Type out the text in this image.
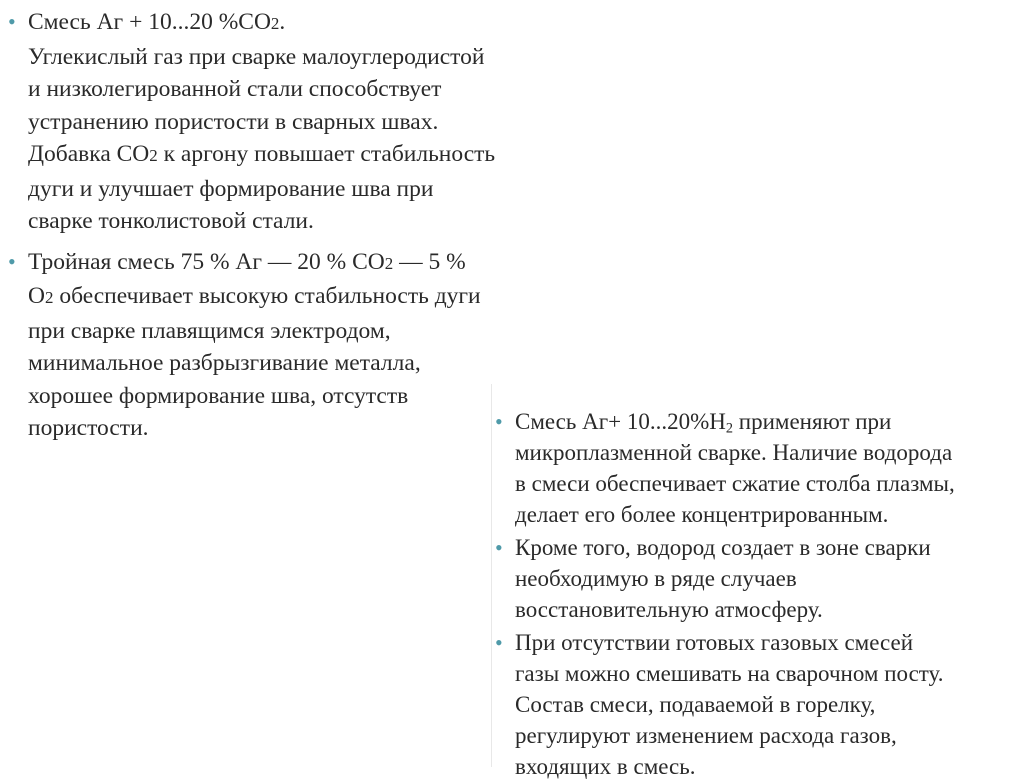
• Смесь Аг + 10...20 %СО2.
Углекислый газ при сварке малоуглеродистой
и низколегированной стали способствует
устранению пористости в сварных швах.
Добавка СО2 к аргону повышает стабильность
дуги и улучшает формирование шва при
сварке тонколистовой стали.
• Тройная смесь 75 % Аг — 20 % СО2 — 5 %
О2 обеспечивает высокую стабильность дуги
при сварке плавящимся электродом,
минимальное разбрызгивание металла,
хорошее формирование шва, отсутств
пористости.	• Смесь $Аг+ 10...20\%Н_2$ применяют при
микроплазменной сварке. Наличие водорода
в смеси обеспечивает сжатие столба плазмы,
делает его более концентрированным.
• Кроме того, водород создает в зоне сварки
необходимую в ряде случаев
восстановительную атмосферу.
• При отсутствии готовых газовых смесей
газы можно смешивать на сварочном посту.
Состав смеси, подаваемой в горелку,
регулируют изменением расхода газов,
входящих в смесь.
